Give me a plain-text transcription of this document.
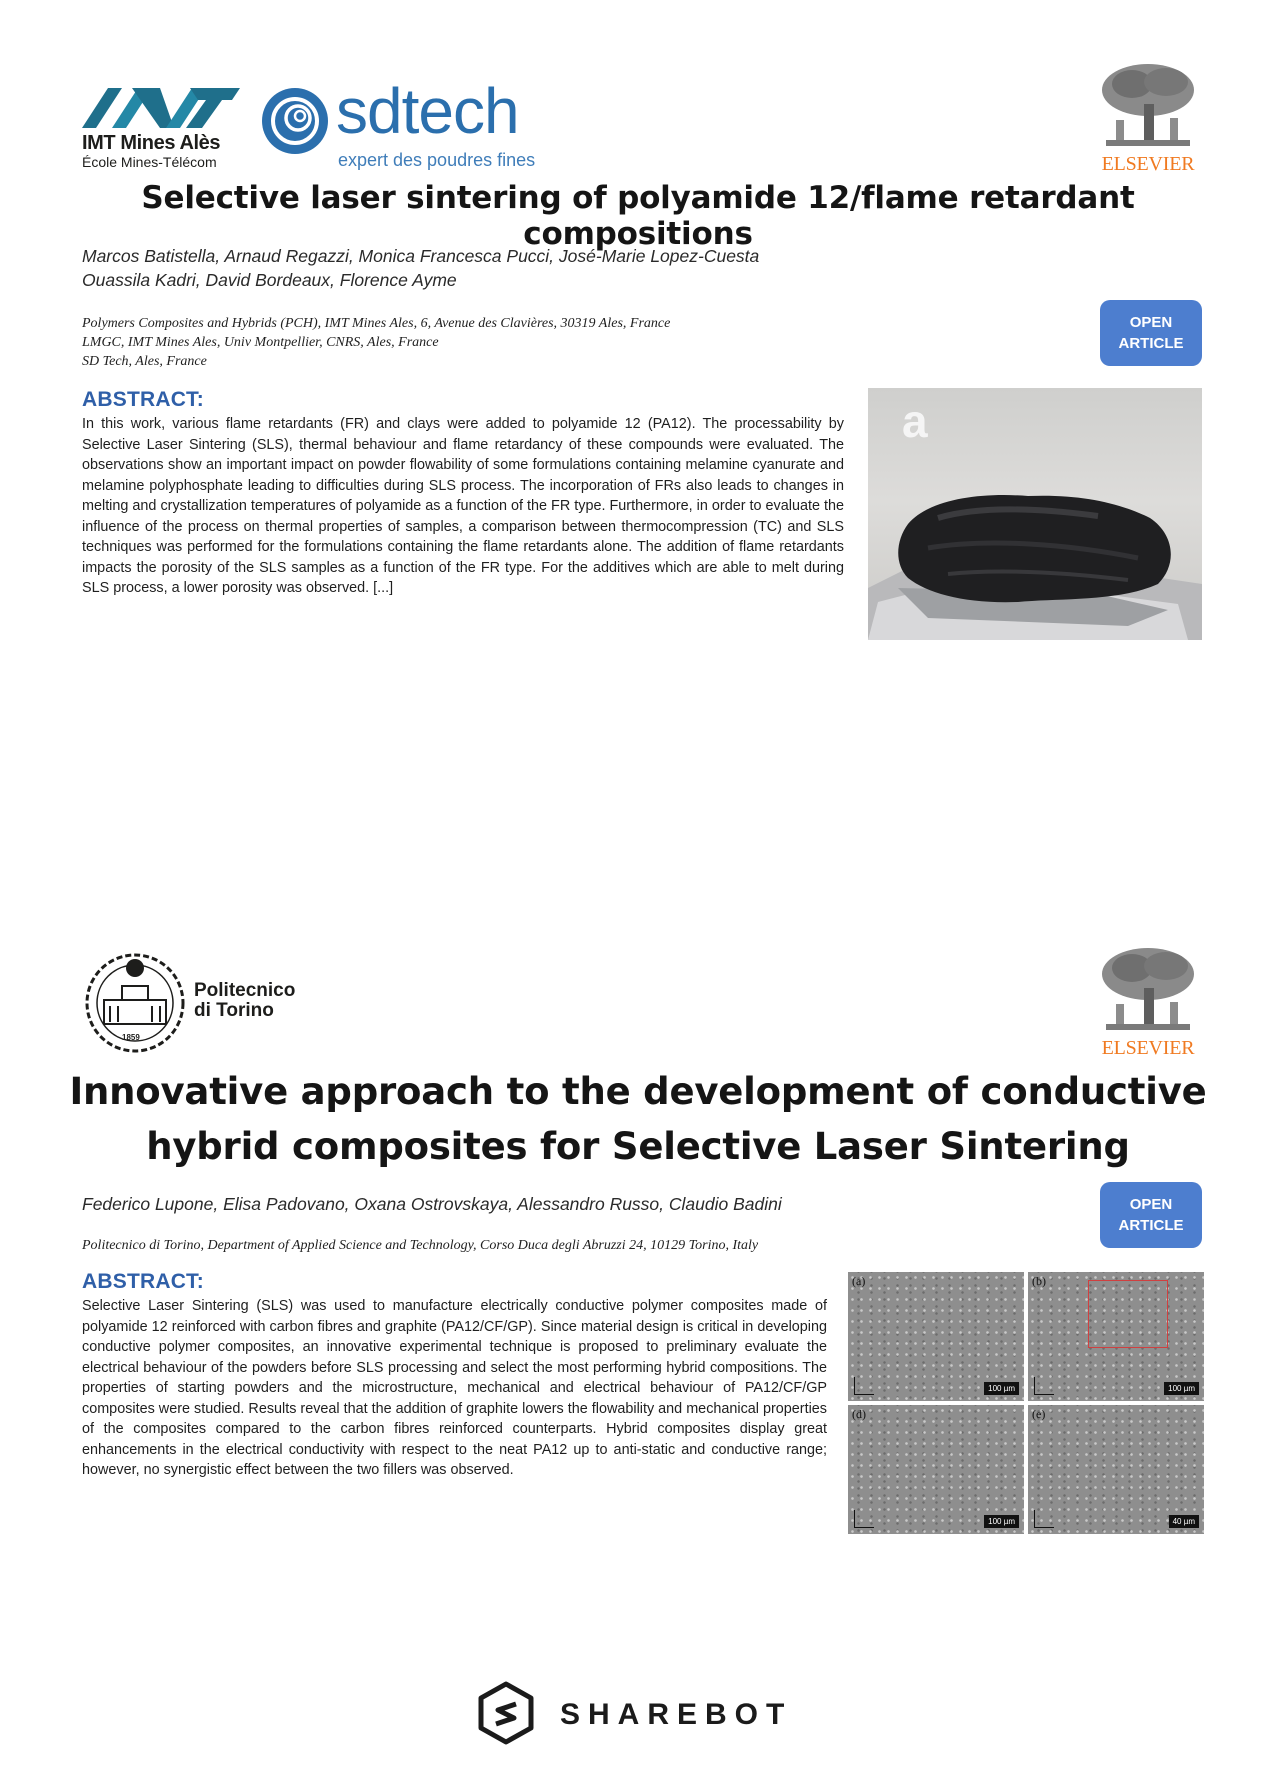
IMT Mines Alès
École Mines-Télécom
sdtech
expert des poudres fines	ELSEVIER
Selective laser sintering of polyamide 12/flame retardant compositions
Marcos Batistella, Arnaud Regazzi, Monica Francesca Pucci, José-Marie Lopez-Cuesta
Ouassila Kadri, David Bordeaux, Florence Ayme
Polymers Composites and Hybrids (PCH), IMT Mines Ales, 6, Avenue des Clavières, 30319 Ales, France
LMGC, IMT Mines Ales, Univ Montpellier, CNRS, Ales, France
SD Tech, Ales, France
OPEN
ARTICLE
ABSTRACT:

In this work, various flame retardants (FR) and clays were added to polyamide 12 (PA12). The processability by Selective Laser Sintering (SLS), thermal behaviour and flame retardancy of these compounds were evaluated. The observations show an important impact on powder flowability of some formulations containing melamine cyanurate and melamine polyphosphate leading to difficulties during SLS process. The incorporation of FRs also leads to changes in melting and crystallization temperatures of polyamide as a function of the FR type. Furthermore, in order to evaluate the influence of the process on thermal properties of samples, a comparison between thermocompression (TC) and SLS techniques was performed for the formulations containing the flame retardants alone. The addition of flame retardants impacts the porosity of the SLS samples as a function of the FR type. For the additives which are able to melt during SLS process, a lower porosity was observed. [...]

a
1859
Politecnico
di Torino
ELSEVIER
Innovative approach to the development of conductive
hybrid composites for Selective Laser Sintering
Federico Lupone, Elisa Padovano, Oxana Ostrovskaya, Alessandro Russo, Claudio Badini
Politecnico di Torino, Department of Applied Science and Technology, Corso Duca degli Abruzzi 24, 10129 Torino, Italy
OPEN
ARTICLE
ABSTRACT:

Selective Laser Sintering (SLS) was used to manufacture electrically conductive polymer composites made of polyamide 12 reinforced with carbon fibres and graphite (PA12/CF/GP). Since material design is critical in developing conductive polymer composites, an innovative experimental technique is proposed to preliminary evaluate the electrical behaviour of the powders before SLS processing and select the most performing hybrid compositions. The properties of starting powders and the microstructure, mechanical and electrical behaviour of PA12/CF/GP composites were studied. Results reveal that the addition of graphite lowers the flowability and mechanical properties of the composites compared to the carbon fibres reinforced counterparts. Hybrid composites display great enhancements in the electrical conductivity with respect to the neat PA12 up to anti-static and conductive range; however, no synergistic effect between the two fillers was observed.

(a)
100 µm
(b)
100 µm
(d)
100 µm
(e)
40 µm
SHAREBOT
